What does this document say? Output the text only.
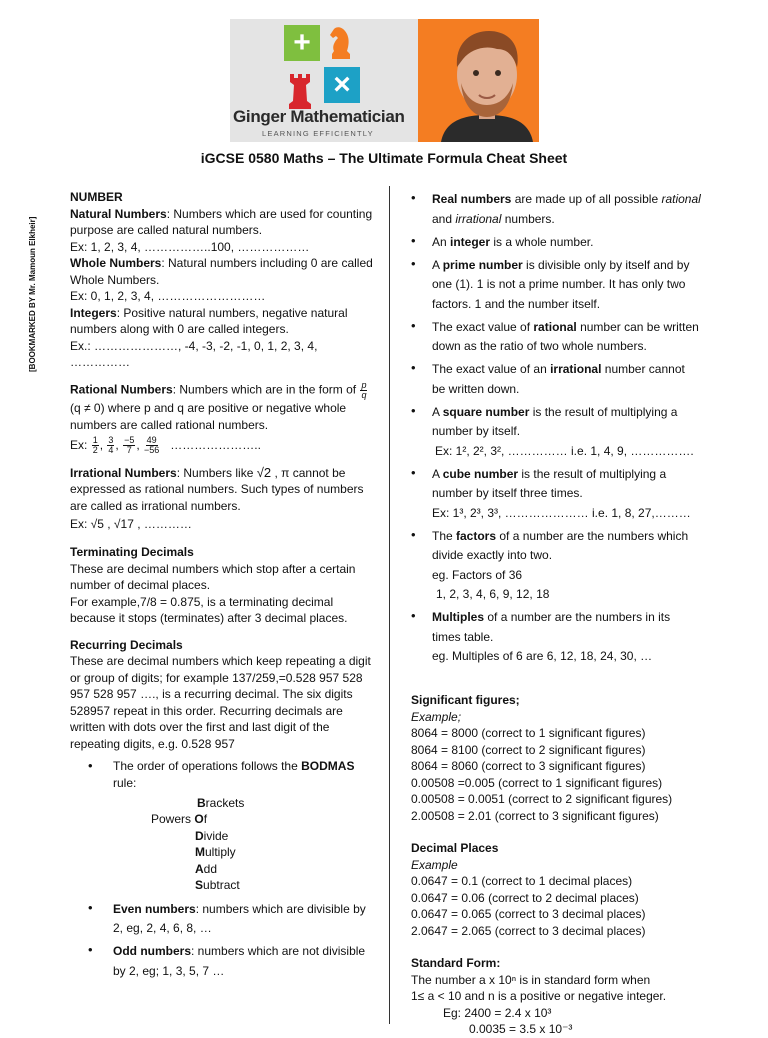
+
×
Ginger Mathematician
LEARNING EFFICIENTLY
iGCSE 0580 Maths – The Ultimate Formula Cheat Sheet
[BOOKMARKED BY Mr. Mamoun Elkheir]
NUMBER

Natural Numbers: Numbers which are used for counting purpose are called natural numbers.

Ex: 1, 2, 3, 4, ……………..100, ………………

Whole Numbers: Natural numbers including 0 are called Whole Numbers.

Ex: 0, 1, 2, 3, 4, ………………………

Integers: Positive natural numbers, negative natural numbers along with 0 are called integers.

Ex.: …………………, -4, -3, -2, -1, 0, 1, 2, 3, 4, ……………

Rational Numbers: Numbers which are in the form of $\frac{p}{q}$
(q ≠ 0) where p and q are positive or negative whole numbers are called rational numbers.

Ex: $\frac{1}{2}$ , $\frac{3}{4}$ , $\frac{-5}{7}$ , $\frac{49}{-56}$ …………………..

Irrational Numbers: Numbers like √2 , π cannot be expressed as rational numbers. Such types of numbers are called as irrational numbers.

Ex: √5 , √17 , …………

Terminating Decimals

These are decimal numbers which stop after a certain number of decimal places.

For example,7/8 = 0.875, is a terminating decimal because it stops (terminates) after 3 decimal places.

Recurring Decimals

These are decimal numbers which keep repeating a digit or group of digits; for example 137/259,=0.528 957 528 957 528 957 …., is a recurring decimal. The six digits 528957 repeat in this order. Recurring decimals are written with dots over the first and last digit of the repeating digits, e.g. 0.528 957

•	The order of operations follows the BODMAS rule:
Brackets
Powers Of
Divide
Multiply
Add
Subtract
•	Even numbers: numbers which are divisible by 2, eg, 2, 4, 6, 8, …
•	Odd numbers: numbers which are not divisible by 2, eg; 1, 3, 5, 7 …
•	Real numbers are made up of all possible rational and irrational numbers.
•	An integer is a whole number.
•	A prime number is divisible only by itself and by one (1). 1 is not a prime number. It has only two factors. 1 and the number itself.
•	The exact value of rational number can be written down as the ratio of two whole numbers.
•	The exact value of an irrational number cannot be written down.
•	A square number is the result of multiplying a number by itself.
Ex: 1², 2², 3², …………… i.e. 1, 4, 9, …………….
•	A cube number is the result of multiplying a number by itself three times.
Ex: 1³, 2³, 3³, ………………… i.e. 1, 8, 27,………
•	The factors of a number are the numbers which divide exactly into two.
eg. Factors of 36
1, 2, 3, 4, 6, 9, 12, 18
•	Multiples of a number are the numbers in its times table.
eg. Multiples of 6 are 6, 12, 18, 24, 30, …
Significant figures;

Example;

8064 = 8000 (correct to 1 significant figures)

8064 = 8100 (correct to 2 significant figures)

8064 = 8060 (correct to 3 significant figures)

0.00508 =0.005 (correct to 1 significant figures)

0.00508 = 0.0051 (correct to 2 significant figures)

2.00508 = 2.01 (correct to 3 significant figures)

Decimal Places

Example

0.0647 = 0.1 (correct to 1 decimal places)

0.0647 = 0.06 (correct to 2 decimal places)

0.0647 = 0.065 (correct to 3 decimal places)

2.0647 = 2.065 (correct to 3 decimal places)

Standard Form:

The number a x 10ⁿ is in standard form when

1≤ a < 10 and n is a positive or negative integer.

Eg: 2400 = 2.4 x 10³

0.0035 = 3.5 x 10⁻³
